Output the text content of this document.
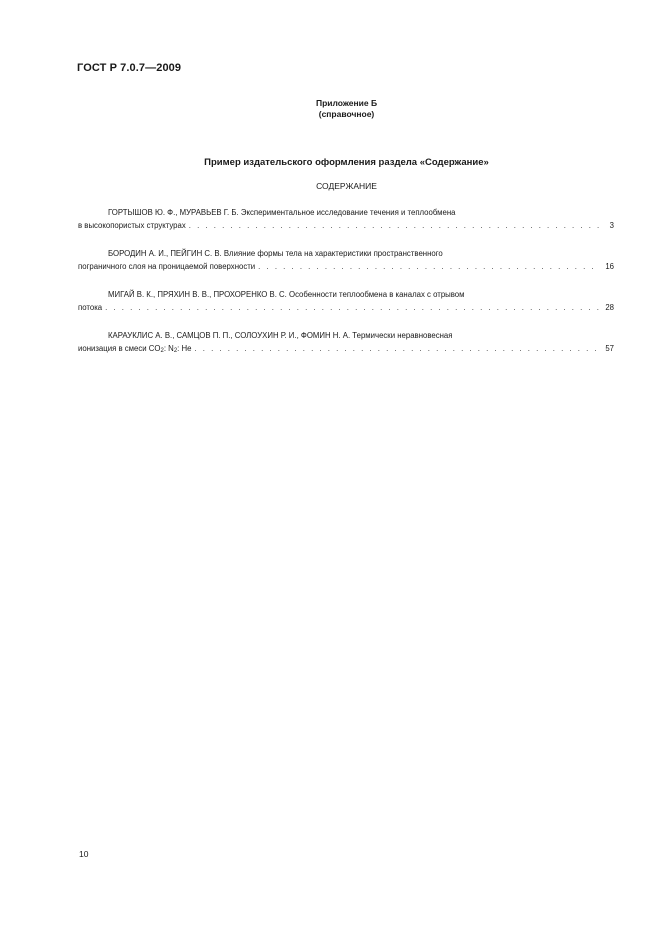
ГОСТ Р 7.0.7—2009
Приложение Б
(справочное)
Пример издательского оформления раздела «Содержание»
СОДЕРЖАНИЕ
ГОРТЫШОВ Ю. Ф., МУРАВЬЕВ Г. Б. Экспериментальное исследование течения и теплообмена
в высокопористых структурах . . .	3
БОРОДИН А. И., ПЕЙГИН С. В. Влияние формы тела на характеристики пространственного
пограничного слоя на проницаемой поверхности . . .	16
МИГАЙ В. К., ПРЯХИН В. В., ПРОХОРЕНКО В. С. Особенности теплообмена в каналах с отрывом
потока . . .	28
КАРАУКЛИС А. В., САМЦОВ П. П., СОЛОУХИН Р. И., ФОМИН Н. А. Термически неравновесная
ионизация в смеси $CO_2$: $N_2$: He . . .	57
10
